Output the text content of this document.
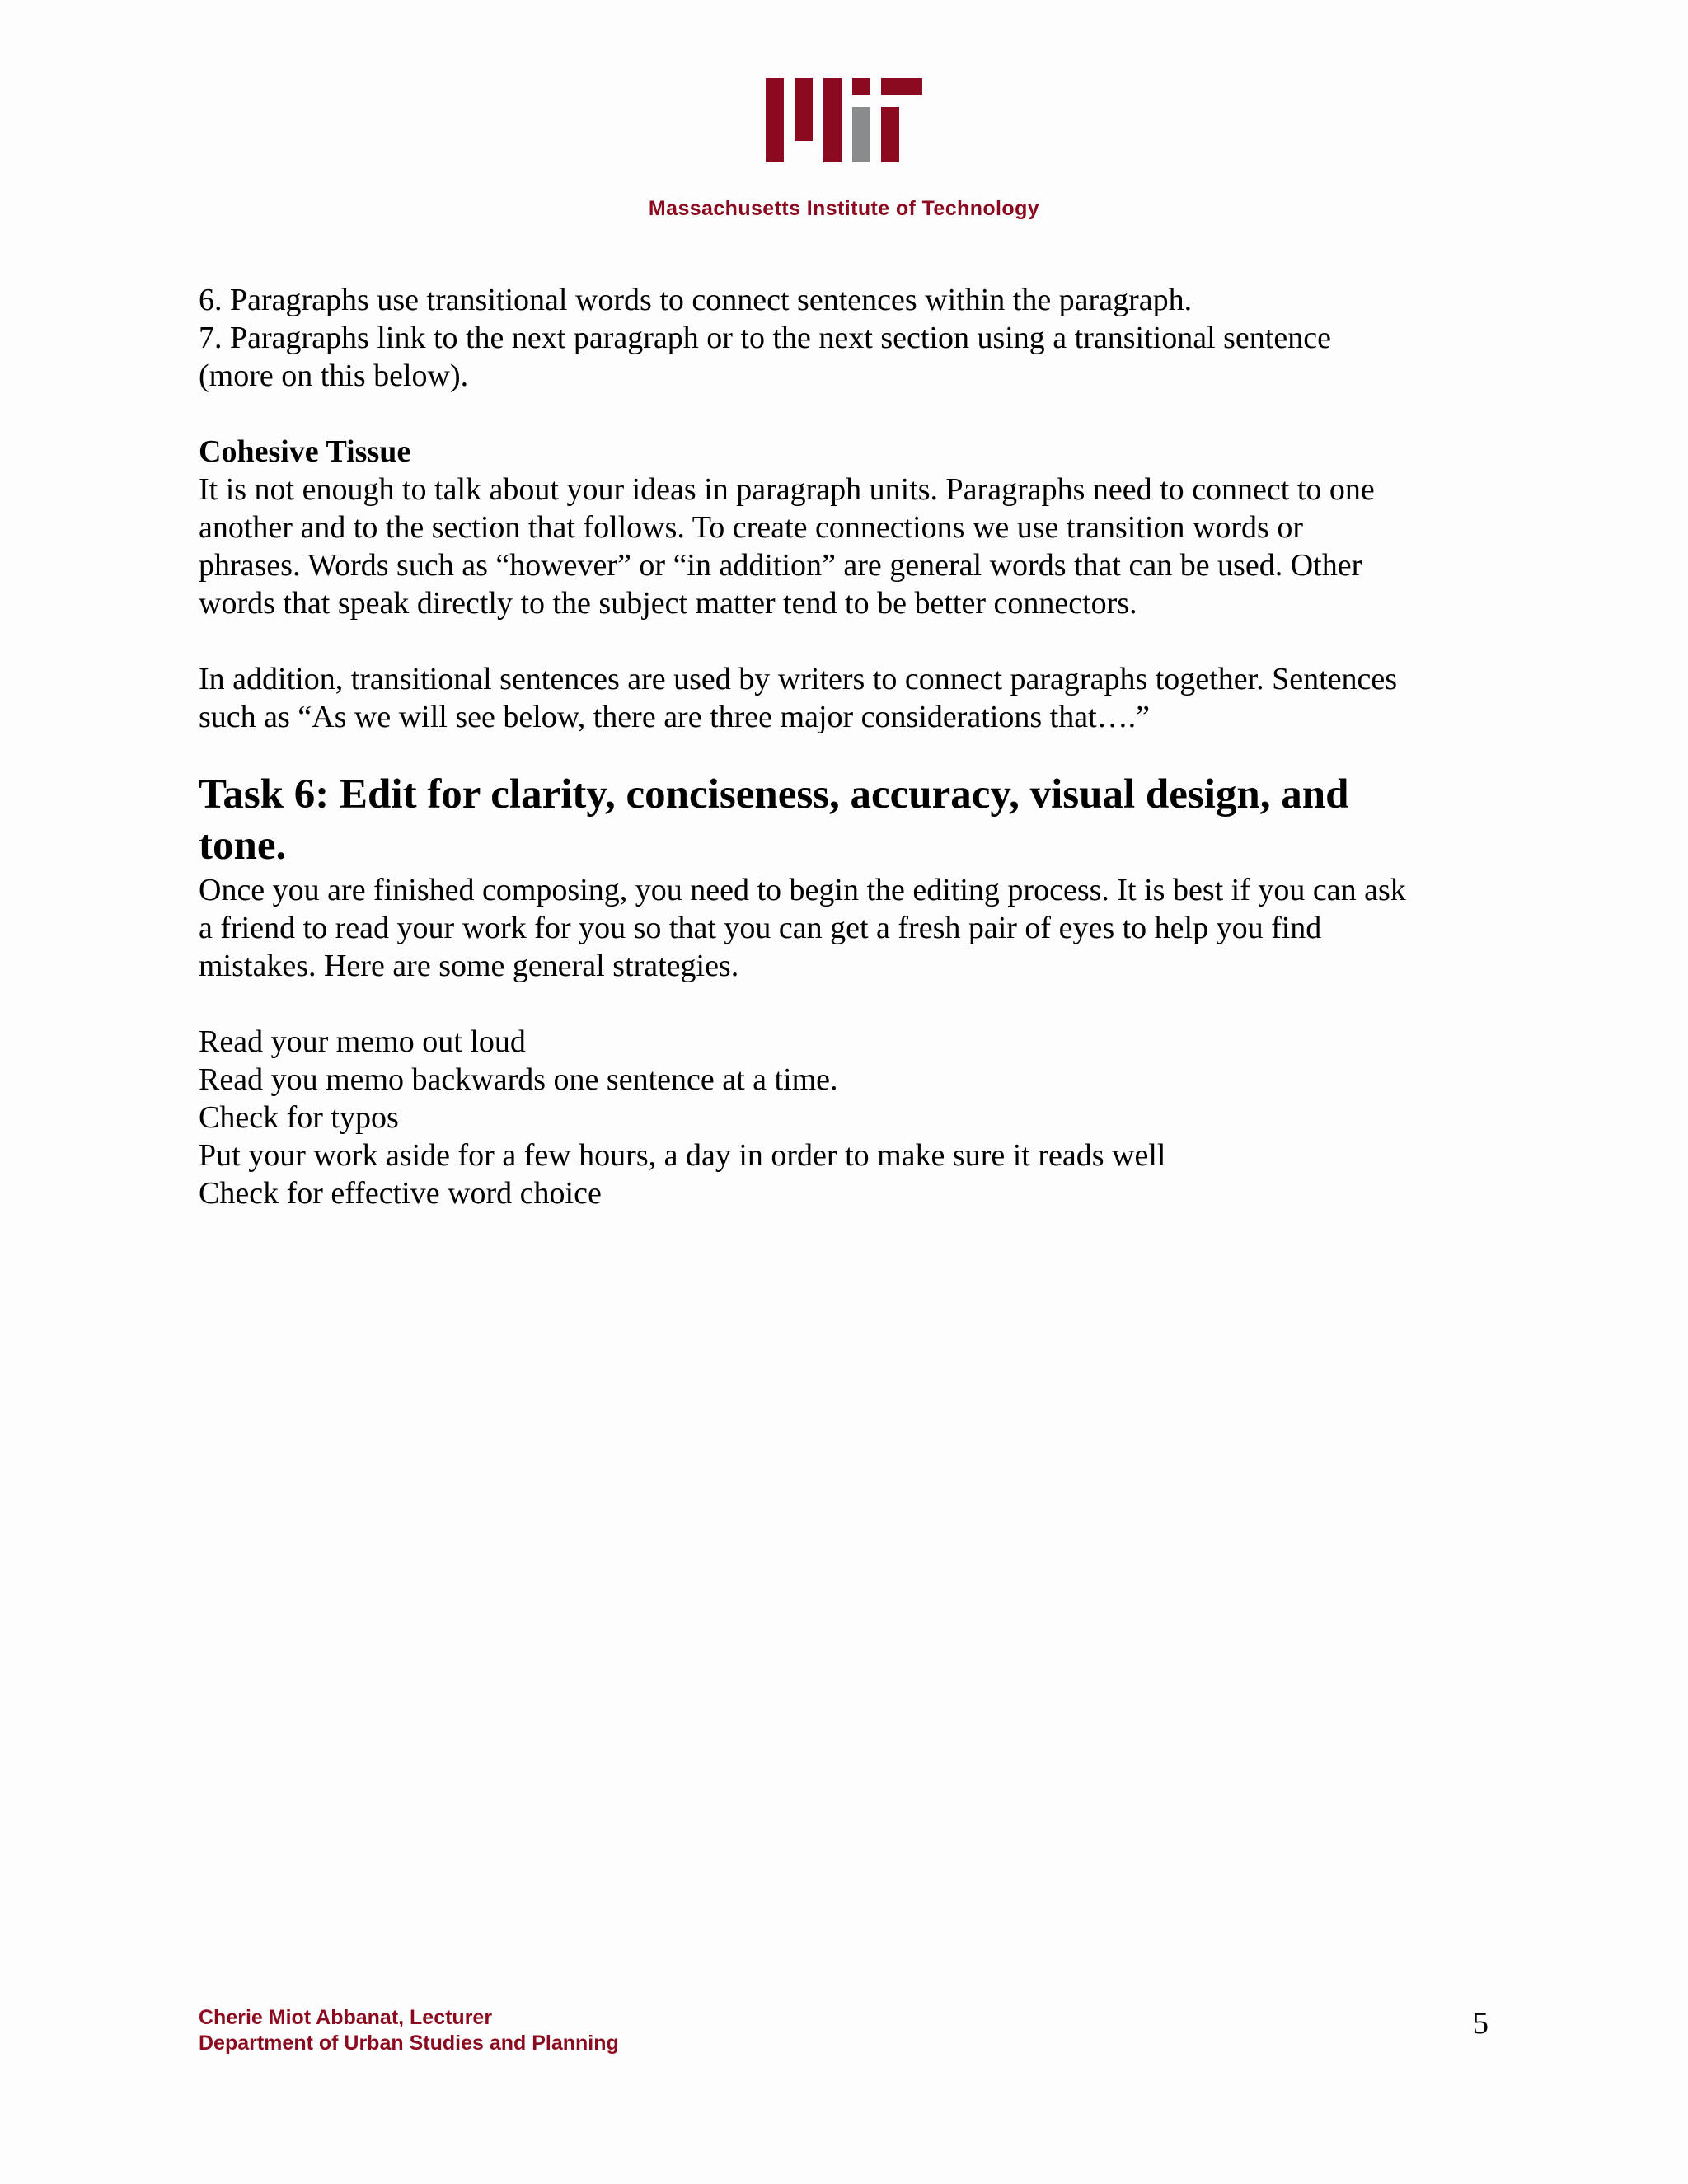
Massachusetts Institute of Technology

6. Paragraphs use transitional words to connect sentences within the paragraph.

7. Paragraphs link to the next paragraph or to the next section using a transitional sentence

(more on this below).

Cohesive Tissue

It is not enough to talk about your ideas in paragraph units. Paragraphs need to connect to one

another and to the section that follows. To create connections we use transition words or

phrases. Words such as “however” or “in addition” are general words that can be used. Other

words that speak directly to the subject matter tend to be better connectors.

In addition, transitional sentences are used by writers to connect paragraphs together. Sentences

such as “As we will see below, there are three major considerations that….”

Task 6: Edit for clarity, conciseness, accuracy, visual design, and

tone.

Once you are finished composing, you need to begin the editing process. It is best if you can ask

a friend to read your work for you so that you can get a fresh pair of eyes to help you find

mistakes. Here are some general strategies.

Read your memo out loud

Read you memo backwards one sentence at a time.

Check for typos

Put your work aside for a few hours, a day in order to make sure it reads well

Check for effective word choice

Cherie Miot Abbanat, Lecturer
Department of Urban Studies and Planning
5
